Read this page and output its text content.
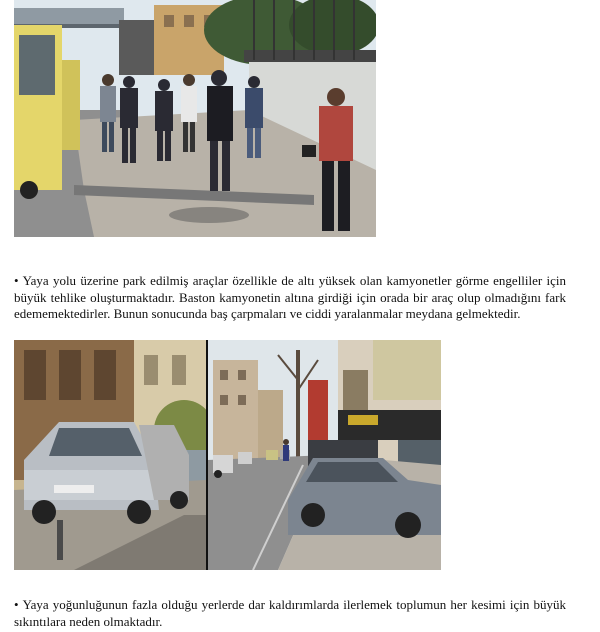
• Yaya yolu üzerine park edilmiş araçlar özellikle de altı yüksek olan kamyonetler görme engelliler için büyük tehlike oluşturmaktadır. Baston kamyonetin altına girdiği için orada bir araç olup olmadığını fark edememektedirler. Bunun sonucunda baş çarpmaları ve ciddi yaralanmalar meydana gelmektedir.

• Yaya yoğunluğunun fazla olduğu yerlerde dar kaldırımlarda ilerlemek toplumun her kesimi için büyük sıkıntılara neden olmaktadır.
